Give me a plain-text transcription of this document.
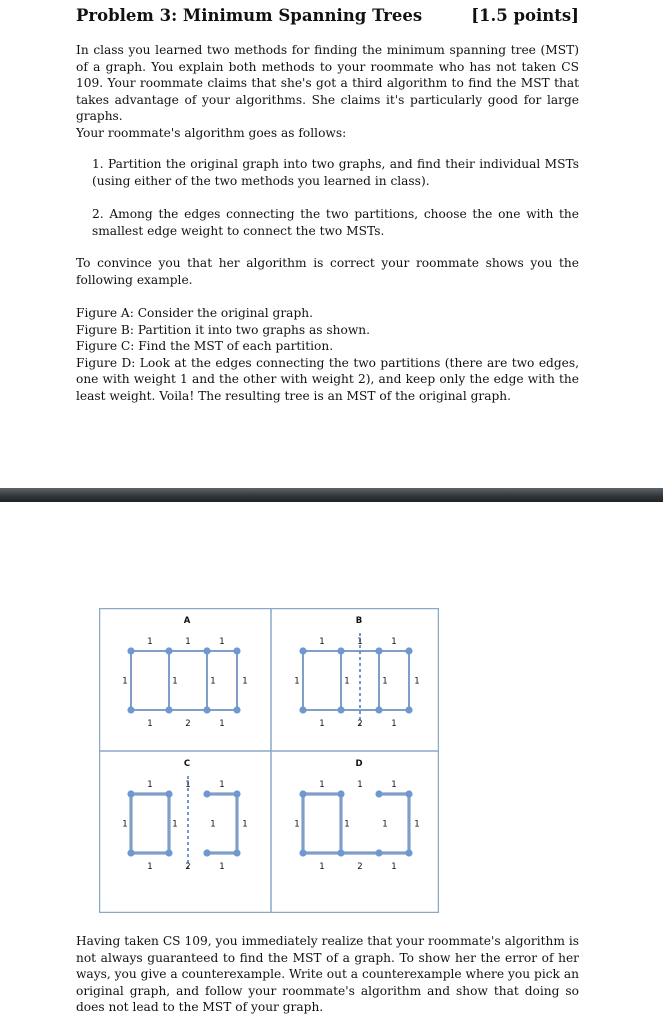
Problem 3: Minimum Spanning Trees	[1.5 points]

In class you learned two methods for finding the minimum spanning tree (MST) of a graph. You explain both methods to your roommate who has not taken CS 109. Your roommate claims that she's got a third algorithm to find the MST that takes advantage of your algorithms. She claims it's particularly good for large graphs.

Your roommate's algorithm goes as follows:

1. Partition the original graph into two graphs, and find their individual MSTs (using either of the two methods you learned in class).

2. Among the edges connecting the two partitions, choose the one with the smallest edge weight to connect the two MSTs.

To convince you that her algorithm is correct your roommate shows you the following example.

Figure A: Consider the original graph.
Figure B: Partition it into two graphs as shown.
Figure C: Find the MST of each partition.
Figure D: Look at the edges connecting the two partitions (there are two edges, one with weight 1 and the other with weight 2), and keep only the edge with the least weight. Voila! The resulting tree is an MST of the original graph.
A
1	1	1
1	2	1
1	1	1	1
B
1	1	1
1	2	1
1	1	1	1
C
1	1	1
1	2	1
1	1	1	1
D
1	1	1
1	2	1
1	1	1	1

Having taken CS 109, you immediately realize that your roommate's algorithm is not always guaranteed to find the MST of a graph. To show her the error of her ways, you give a counterexample. Write out a counterexample where you pick an original graph, and follow your roommate's algorithm and show that doing so does not lead to the MST of your graph.
